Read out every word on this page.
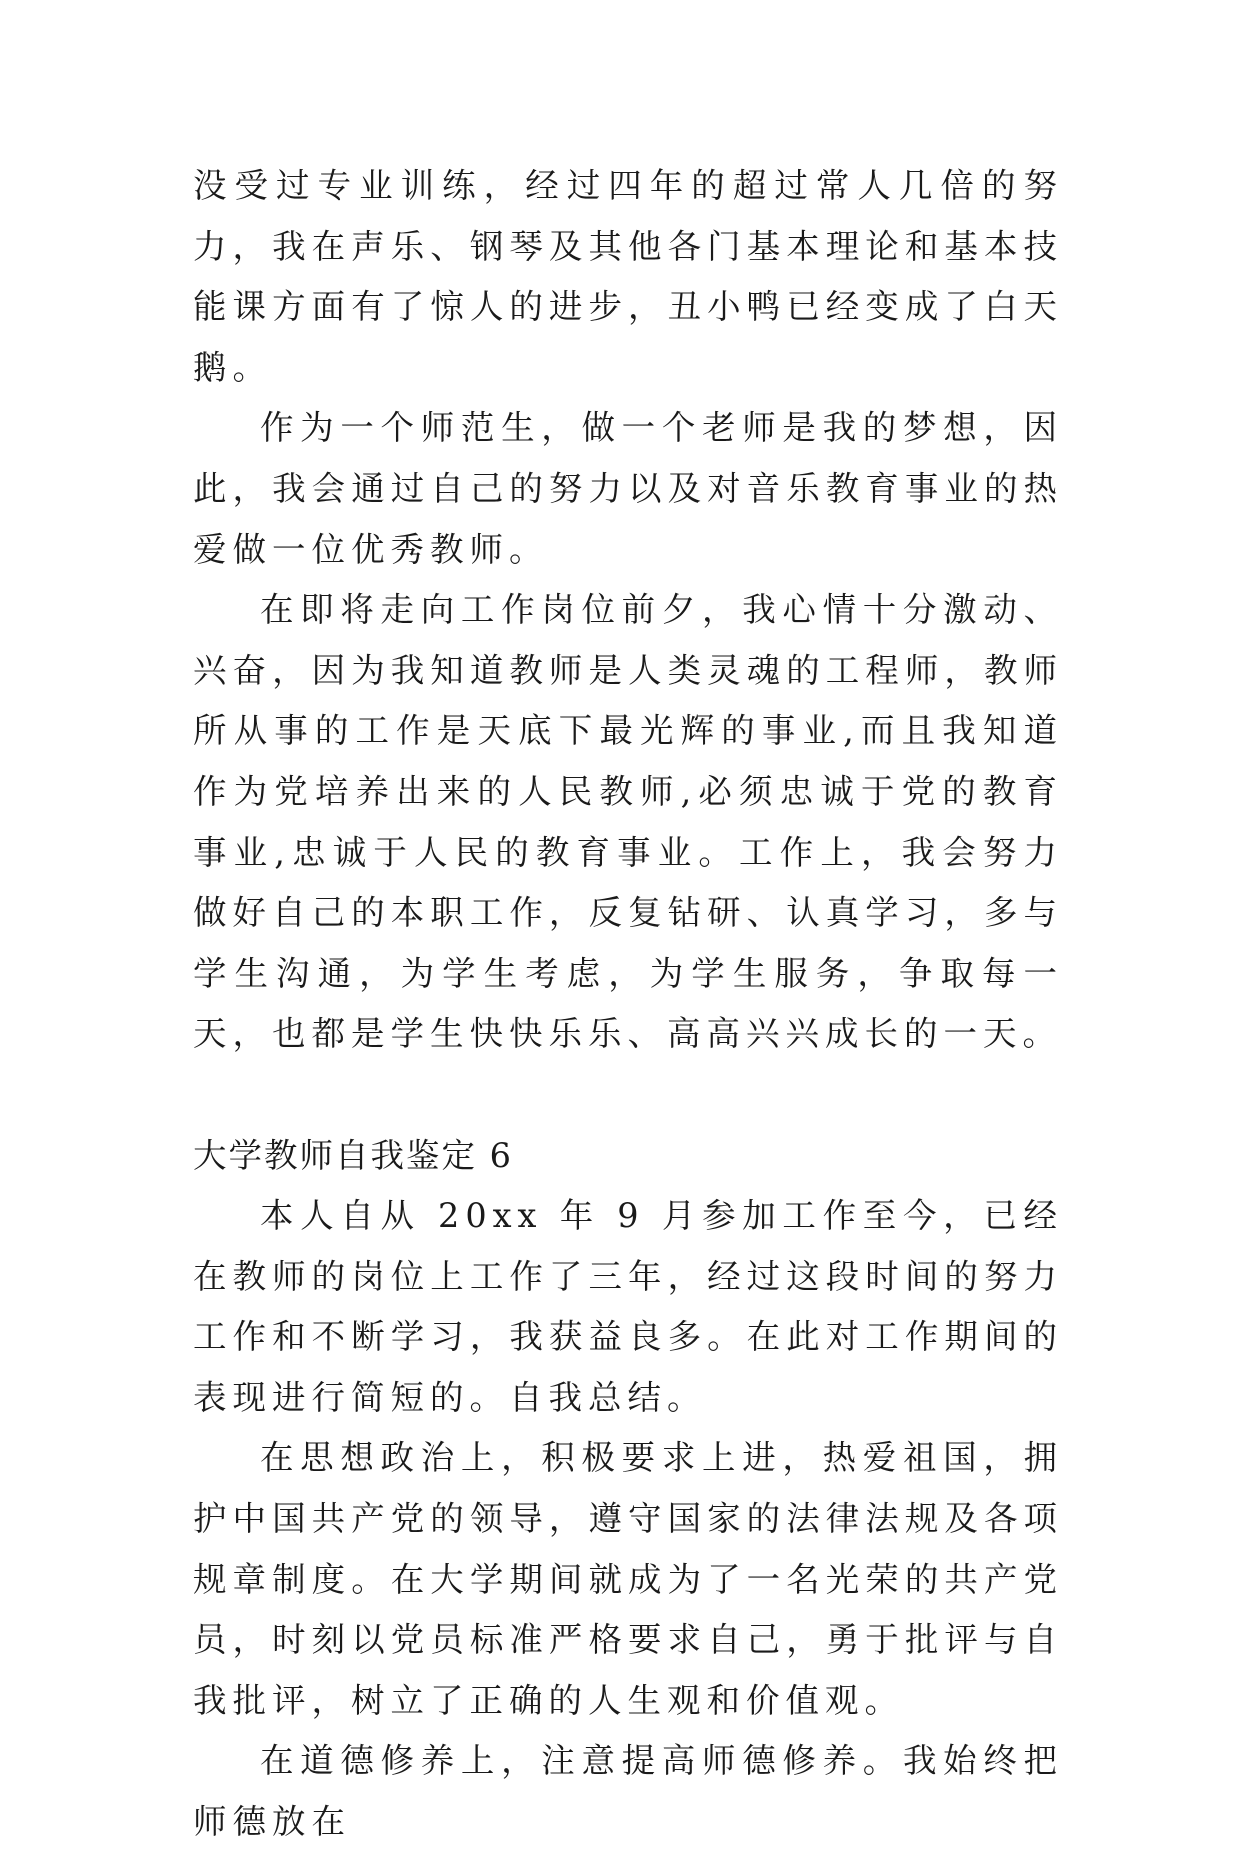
没受过专业训练，经过四年的超过常人几倍的努力，我在声乐、钢琴及其他各门基本理论和基本技能课方面有了惊人的进步，丑小鸭已经变成了白天鹅。

作为一个师范生，做一个老师是我的梦想，因此，我会通过自己的努力以及对音乐教育事业的热爱做一位优秀教师。

在即将走向工作岗位前夕，我心情十分激动、兴奋，因为我知道教师是人类灵魂的工程师，教师所从事的工作是天底下最光辉的事业,而且我知道作为党培养出来的人民教师,必须忠诚于党的教育事业,忠诚于人民的教育事业。工作上，我会努力做好自己的本职工作，反复钻研、认真学习，多与学生沟通，为学生考虑，为学生服务，争取每一天，也都是学生快快乐乐、高高兴兴成长的一天。

大学教师自我鉴定 6

本人自从 20xx 年 9 月参加工作至今，已经在教师的岗位上工作了三年，经过这段时间的努力工作和不断学习，我获益良多。在此对工作期间的表现进行简短的。自我总结。

在思想政治上，积极要求上进，热爱祖国，拥护中国共产党的领导，遵守国家的法律法规及各项规章制度。在大学期间就成为了一名光荣的共产党员，时刻以党员标准严格要求自己，勇于批评与自我批评，树立了正确的人生观和价值观。

在道德修养上，注意提高师德修养。我始终把师德放在
